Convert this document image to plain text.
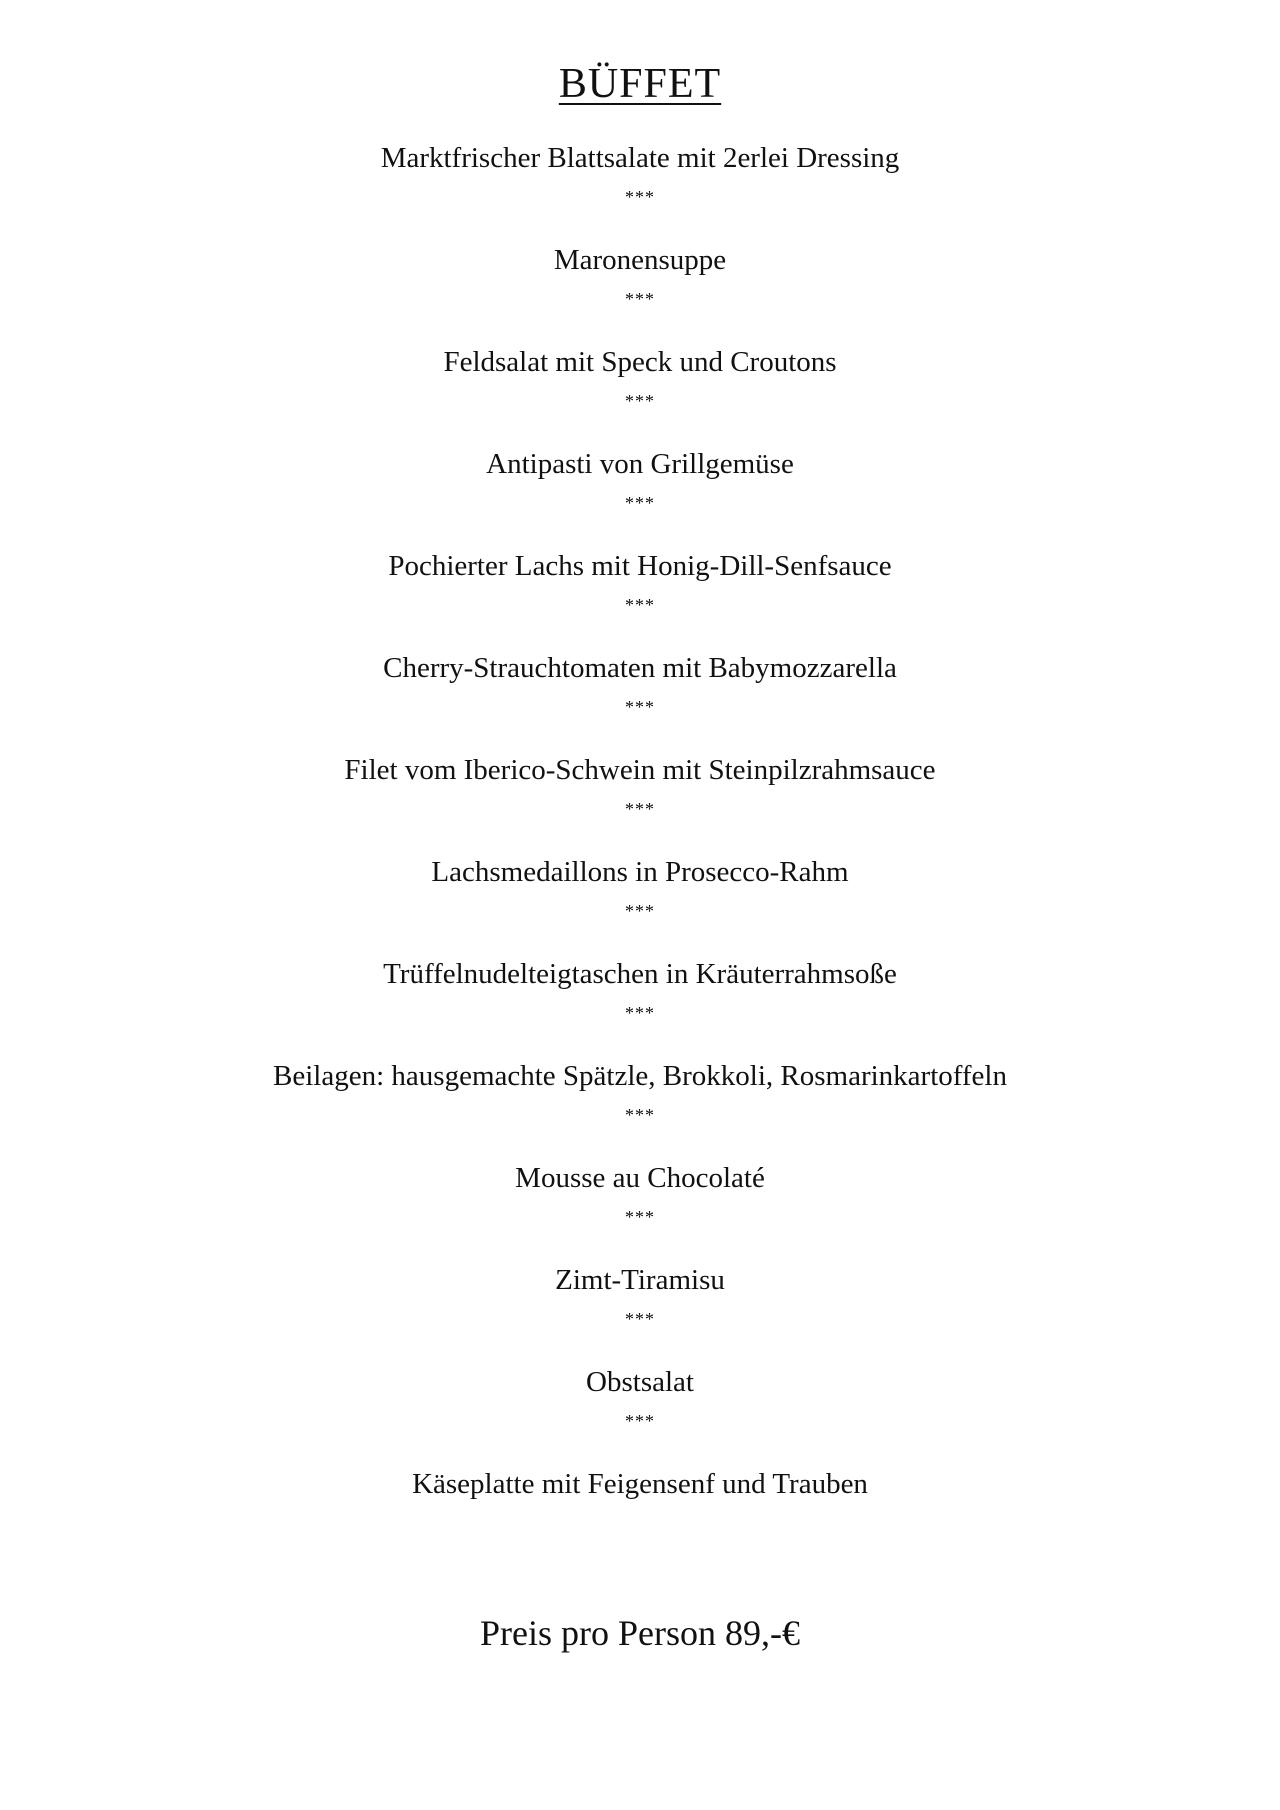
BÜFFET
Marktfrischer Blattsalate mit 2erlei Dressing
***
Maronensuppe
***
Feldsalat mit Speck und Croutons
***
Antipasti von Grillgemüse
***
Pochierter Lachs mit Honig-Dill-Senfsauce
***
Cherry-Strauchtomaten mit Babymozzarella
***
Filet vom Iberico-Schwein mit Steinpilzrahmsauce
***
Lachsmedaillons in Prosecco-Rahm
***
Trüffelnudelteigtaschen in Kräuterrahmsoße
***
Beilagen: hausgemachte Spätzle, Brokkoli, Rosmarinkartoffeln
***
Mousse au Chocolaté
***
Zimt-Tiramisu
***
Obstsalat
***
Käseplatte mit Feigensenf und Trauben
Preis pro Person 89,-€
